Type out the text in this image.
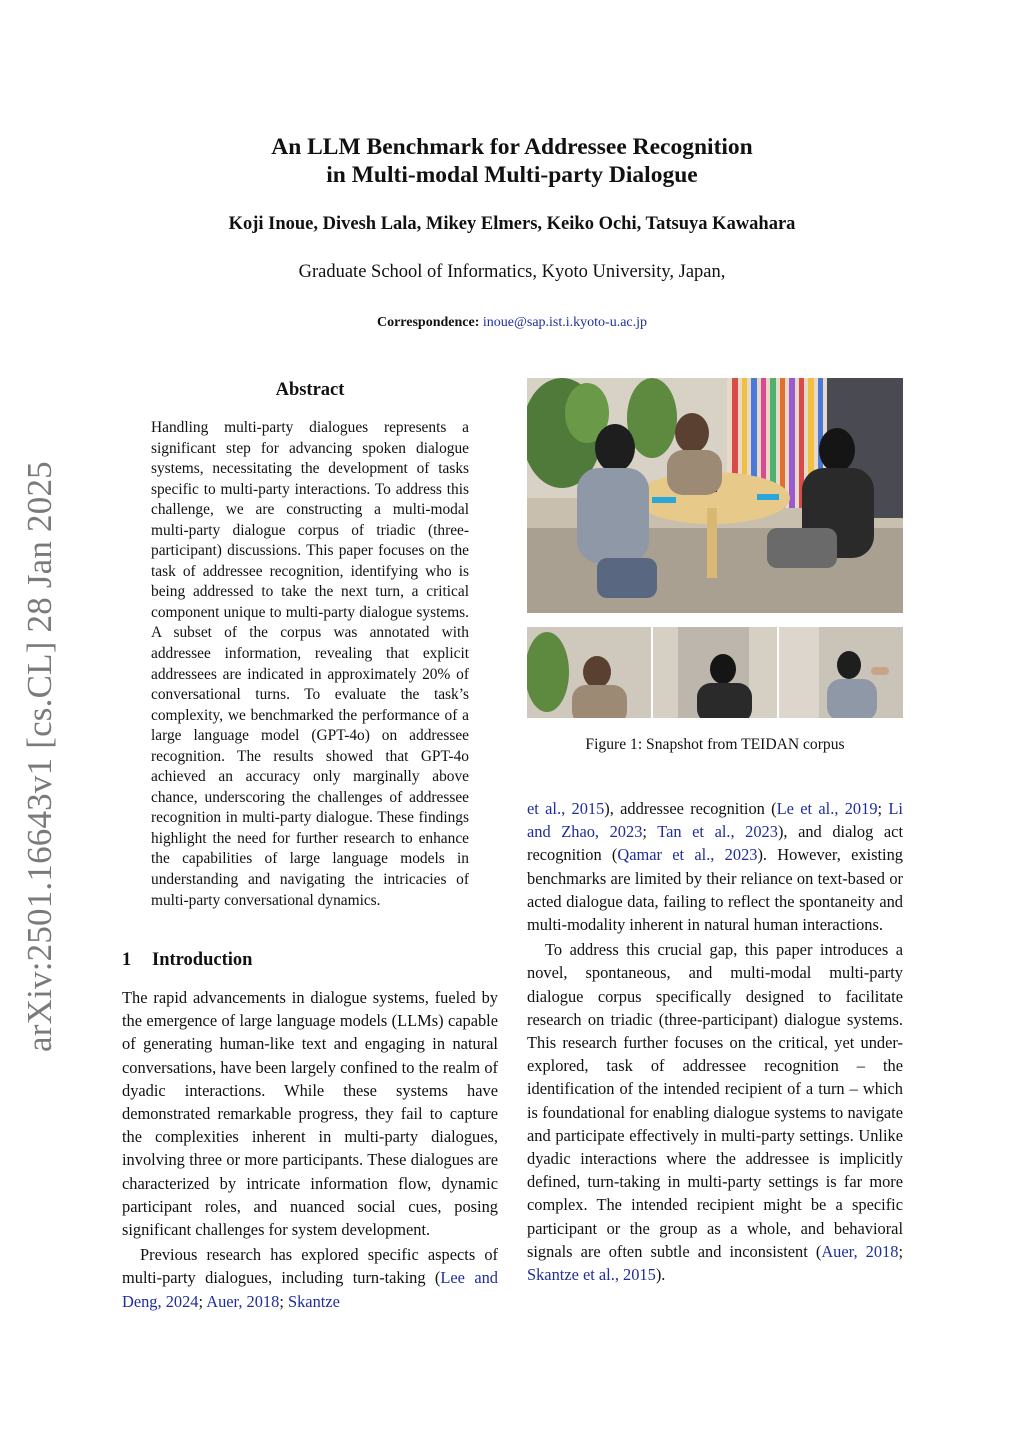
arXiv:2501.16643v1 [cs.CL] 28 Jan 2025
An LLM Benchmark for Addressee Recognition
in Multi-modal Multi-party Dialogue
Koji Inoue, Divesh Lala, Mikey Elmers, Keiko Ochi, Tatsuya Kawahara
Graduate School of Informatics, Kyoto University, Japan,
Correspondence: inoue@sap.ist.i.kyoto-u.ac.jp
Abstract
Handling multi-party dialogues represents a significant step for advancing spoken dialogue systems, necessitating the development of tasks specific to multi-party interactions. To address this challenge, we are constructing a multi-modal multi-party dialogue corpus of triadic (three-participant) discussions. This paper focuses on the task of addressee recognition, identifying who is being addressed to take the next turn, a critical component unique to multi-party dialogue systems. A subset of the corpus was annotated with addressee information, revealing that explicit addressees are indicated in approximately 20% of conversational turns. To evaluate the task’s complexity, we benchmarked the performance of a large language model (GPT-4o) on addressee recognition. The results showed that GPT-4o achieved an accuracy only marginally above chance, underscoring the challenges of addressee recognition in multi-party dialogue. These findings highlight the need for further research to enhance the capabilities of large language models in understanding and navigating the intricacies of multi-party conversational dynamics.
1 Introduction

The rapid advancements in dialogue systems, fueled by the emergence of large language models (LLMs) capable of generating human-like text and engaging in natural conversations, have been largely confined to the realm of dyadic interactions. While these systems have demonstrated remarkable progress, they fail to capture the complexities inherent in multi-party dialogues, involving three or more participants. These dialogues are characterized by intricate information flow, dynamic participant roles, and nuanced social cues, posing significant challenges for system development.

Previous research has explored specific aspects of multi-party dialogues, including turn-taking (Lee and Deng, 2024; Auer, 2018; Skantze

Figure 1: Snapshot from TEIDAN corpus

et al., 2015), addressee recognition (Le et al., 2019; Li and Zhao, 2023; Tan et al., 2023), and dialog act recognition (Qamar et al., 2023). However, existing benchmarks are limited by their reliance on text-based or acted dialogue data, failing to reflect the spontaneity and multi-modality inherent in natural human interactions.

To address this crucial gap, this paper introduces a novel, spontaneous, and multi-modal multi-party dialogue corpus specifically designed to facilitate research on triadic (three-participant) dialogue systems. This research further focuses on the critical, yet under-explored, task of addressee recognition – the identification of the intended recipient of a turn – which is foundational for enabling dialogue systems to navigate and participate effectively in multi-party settings. Unlike dyadic interactions where the addressee is implicitly defined, turn-taking in multi-party settings is far more complex. The intended recipient might be a specific participant or the group as a whole, and behavioral signals are often subtle and inconsistent (Auer, 2018; Skantze et al., 2015).
